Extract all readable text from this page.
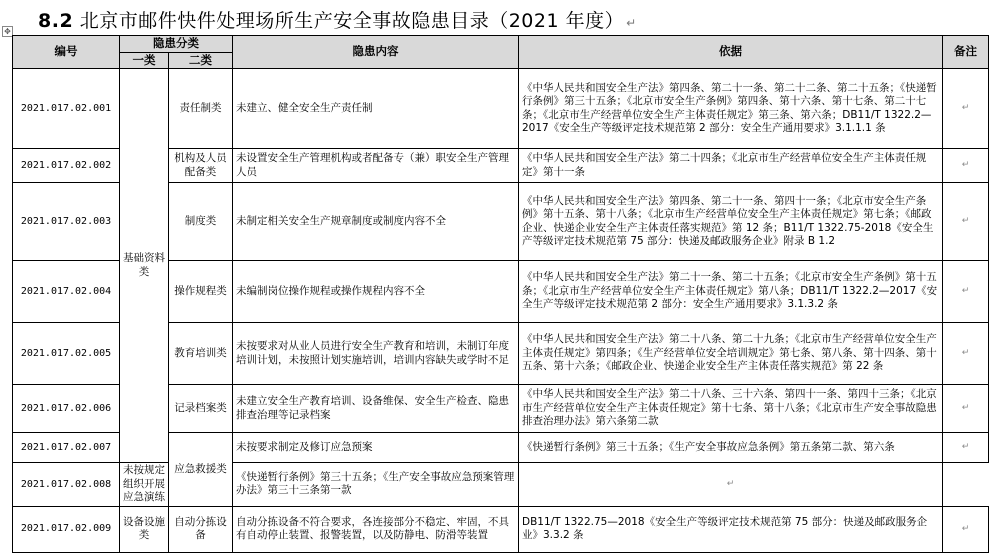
8.2 北京市邮件快件处理场所生产安全事故隐患目录（2021 年度） ↵
✥
编号	隐患分类		隐患内容	依据	备注
	一类	二类			
2021.017.02.001	基础资料类	责任制类	未建立、健全安全生产责任制	《中华人民共和国安全生产法》第四条、第二十一条、第二十二条、第二十五条；《快递暂行条例》第三十五条；《北京市安全生产条例》第四条、第十六条、第十七条、第二十七条；《北京市生产经营单位安全生产主体责任规定》第三条、第六条；DB11/T 1322.2—2017《安全生产等级评定技术规范第 2 部分：安全生产通用要求》3.1.1.1 条	↵
2021.017.02.002		机构及人员配备类	未设置安全生产管理机构或者配备专（兼）职安全生产管理人员	《中华人民共和国安全生产法》第二十四条；《北京市生产经营单位安全生产主体责任规定》第十一条	↵
2021.017.02.003		制度类	未制定相关安全生产规章制度或制度内容不全	《中华人民共和国安全生产法》第四条、第二十一条、第四十一条；《北京市安全生产条例》第十五条、第十八条；《北京市生产经营单位安全生产主体责任规定》第七条；《邮政企业、快递企业安全生产主体责任落实规范》第 12 条；B11/T 1322.75-2018《安全生产等级评定技术规范第 75 部分：快递及邮政服务企业》附录 B 1.2	↵
2021.017.02.004		操作规程类	未编制岗位操作规程或操作规程内容不全	《中华人民共和国安全生产法》第二十一条、第二十五条；《北京市安全生产条例》第十五条；《北京市生产经营单位安全生产主体责任规定》第八条；DB11/T 1322.2—2017《安全生产等级评定技术规范第 2 部分：安全生产通用要求》3.1.3.2 条	↵
2021.017.02.005		教育培训类	未按要求对从业人员进行安全生产教育和培训，未制订年度培训计划，未按照计划实施培训，培训内容缺失或学时不足	《中华人民共和国安全生产法》第二十八条、第二十九条；《北京市生产经营单位安全生产主体责任规定》第四条；《生产经营单位安全培训规定》第七条、第八条、第十四条、第十五条、第十六条；《邮政企业、快递企业安全生产主体责任落实规范》第 22 条	↵
2021.017.02.006		记录档案类	未建立安全生产教育培训、设备维保、安全生产检查、隐患排查治理等记录档案	《中华人民共和国安全生产法》第二十八条、三十六条、第四十一条、第四十三条；《北京市生产经营单位安全生产主体责任规定》第十七条、第十八条；《北京市生产安全事故隐患排查治理办法》第六条第二款	↵
2021.017.02.007		应急救援类	未按要求制定及修订应急预案	《快递暂行条例》第三十五条；《生产安全事故应急条例》第五条第二款、第六条	↵
2021.017.02.008	未按规定组织开展应急演练		《快递暂行条例》第三十五条；《生产安全事故应急预案管理办法》第三十三条第一款	↵	
2021.017.02.009	设备设施类	自动分拣设备	自动分拣设备不符合要求，各连接部分不稳定、牢固，不具有自动停止装置、报警装置，以及防静电、防滑等装置	DB11/T 1322.75—2018《安全生产等级评定技术规范第 75 部分：快递及邮政服务企业》3.3.2 条	↵
